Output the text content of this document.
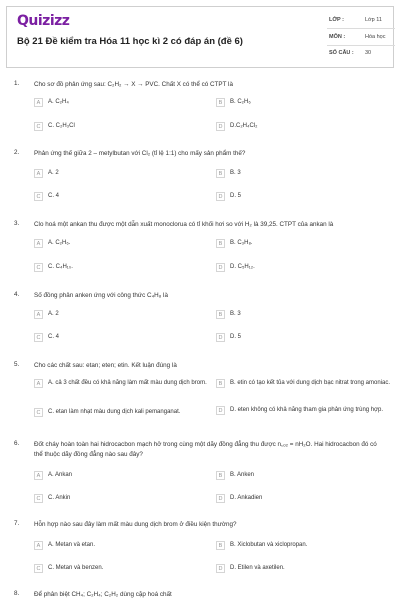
Quizizz
Bộ 21 Đề kiểm tra Hóa 11 học kì 2 có đáp án (đề 6)
LỚP :	Lớp 11
MÔN :	Hóa học
SỐ CÂU : 30
1. Cho sơ đồ phản ứng sau: C₂H₂ → X → PVC. Chất X có thể có CTPT là
A	A. C₂H₄	B	B. C₂H₆
C	C. C₂H₃Cl	D	D.C₂H₄Cl₂
2. Phản ứng thế giữa 2 – metylbutan với Cl₂ (tỉ lệ 1:1) cho mấy sản phẩm thế?
A	A. 2	B	B. 3
C	C. 4	D	D. 5
3. Clo hoá một ankan thu được một dẫn xuất monoclorua có tỉ khối hơi so với H₂ là 39,25. CTPT của ankan là
A	A. C₂H₆.	B	B. C₃H₈.
C	C. C₄H₁₀.	D	D. C₅H₁₂.
4. Số đồng phân anken ứng với công thức C₄H₈ là
A	A. 2	B	B. 3
C	C. 4	D	D. 5
5. Cho các chất sau: etan; eten; etin. Kết luận đúng là
A	A. cả 3 chất đều có khả năng làm mất màu dung dịch brom.	B	B. etin có tạo kết tủa với dung dịch bạc nitrat trong amoniac.
C	C. etan làm nhạt màu dung dịch kali pemanganat.	D	D. eten không có khả năng tham gia phản ứng trùng hợp.
6. Đốt cháy hoàn toàn hai hidrocacbon mạch hở trong cùng một dãy đồng đẳng thu được n꜀ₒ₂ = nH₂O. Hai hidrocacbon đó có thể thuộc dãy đồng đẳng nào sau đây?
A	A. Ankan	B	B. Anken
C	C. Ankin	D	D. Ankadien
7. Hỗn hợp nào sau đây làm mất màu dung dịch brom ở điều kiện thường?
A	A. Metan và etan.	B	B. Xiclobutan và xiclopropan.
C	C. Metan và benzen.	D	D. Etilen và axetilen.
8. Để phân biệt CH₄; C₂H₄; C₂H₂ dùng cặp hoá chất
